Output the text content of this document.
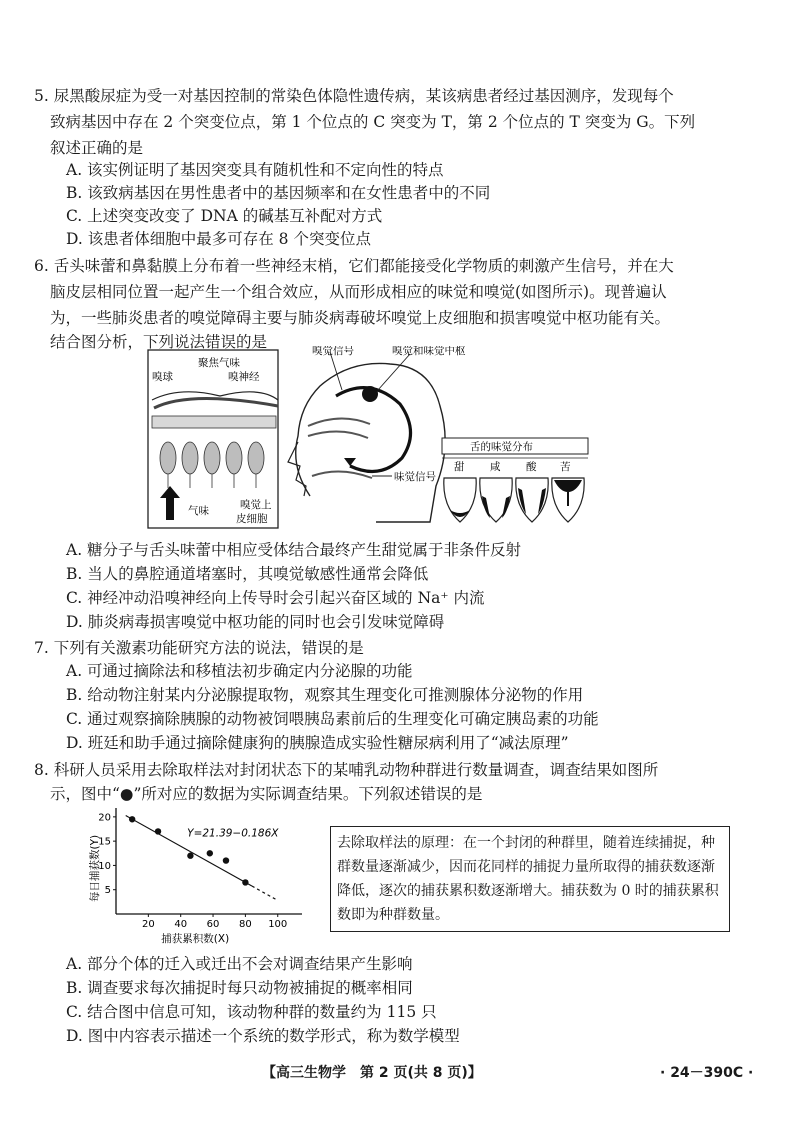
5. 尿黑酸尿症为受一对基因控制的常染色体隐性遗传病，某该病患者经过基因测序，发现每个
致病基因中存在 2 个突变位点，第 1 个位点的 C 突变为 T，第 2 个位点的 T 突变为 G。下列
叙述正确的是
A. 该实例证明了基因突变具有随机性和不定向性的特点
B. 该致病基因在男性患者中的基因频率和在女性患者中的不同
C. 上述突变改变了 DNA 的碱基互补配对方式
D. 该患者体细胞中最多可存在 8 个突变位点
6. 舌头味蕾和鼻黏膜上分布着一些神经末梢，它们都能接受化学物质的刺激产生信号，并在大
脑皮层相同位置一起产生一个组合效应，从而形成相应的味觉和嗅觉(如图所示)。现普遍认
为，一些肺炎患者的嗅觉障碍主要与肺炎病毒破坏嗅觉上皮细胞和损害嗅觉中枢功能有关。
结合图分析，下列说法错误的是
聚焦气味
嗅球	嗅神经
气味	嗅觉上
皮细胞
嗅觉信号	嗅觉和味觉中枢
味觉信号
舌的味觉分布
甜 咸 酸 苦
A. 糖分子与舌头味蕾中相应受体结合最终产生甜觉属于非条件反射
B. 当人的鼻腔通道堵塞时，其嗅觉敏感性通常会降低
C. 神经冲动沿嗅神经向上传导时会引起兴奋区域的 Na⁺ 内流
D. 肺炎病毒损害嗅觉中枢功能的同时也会引发味觉障碍
7. 下列有关激素功能研究方法的说法，错误的是
A. 可通过摘除法和移植法初步确定内分泌腺的功能
B. 给动物注射某内分泌腺提取物，观察其生理变化可推测腺体分泌物的作用
C. 通过观察摘除胰腺的动物被饲喂胰岛素前后的生理变化可确定胰岛素的功能
D. 班廷和助手通过摘除健康狗的胰腺造成实验性糖尿病利用了“减法原理”
8. 科研人员采用去除取样法对封闭状态下的某哺乳动物种群进行数量调查，调查结果如图所
示，图中“●”所对应的数据为实际调查结果。下列叙述错误的是
Y=21.39−0.186X
捕获累积数(X)
每日捕获数(Y)
20 40 60 80 100
5
10
15
20
去除取样法的原理：在一个封闭的种群里，随着连续捕捉，种群数量逐渐减少，因而花同样的捕捉力量所取得的捕获数逐渐降低，逐次的捕获累积数逐渐增大。捕获数为 0 时的捕获累积数即为种群数量。
A. 部分个体的迁入或迁出不会对调查结果产生影响
B. 调查要求每次捕捉时每只动物被捕捉的概率相同
C. 结合图中信息可知，该动物种群的数量约为 115 只
D. 图中内容表示描述一个系统的数学形式，称为数学模型
【高三生物学　第 2 页(共 8 页)】	· 24－390C ·
